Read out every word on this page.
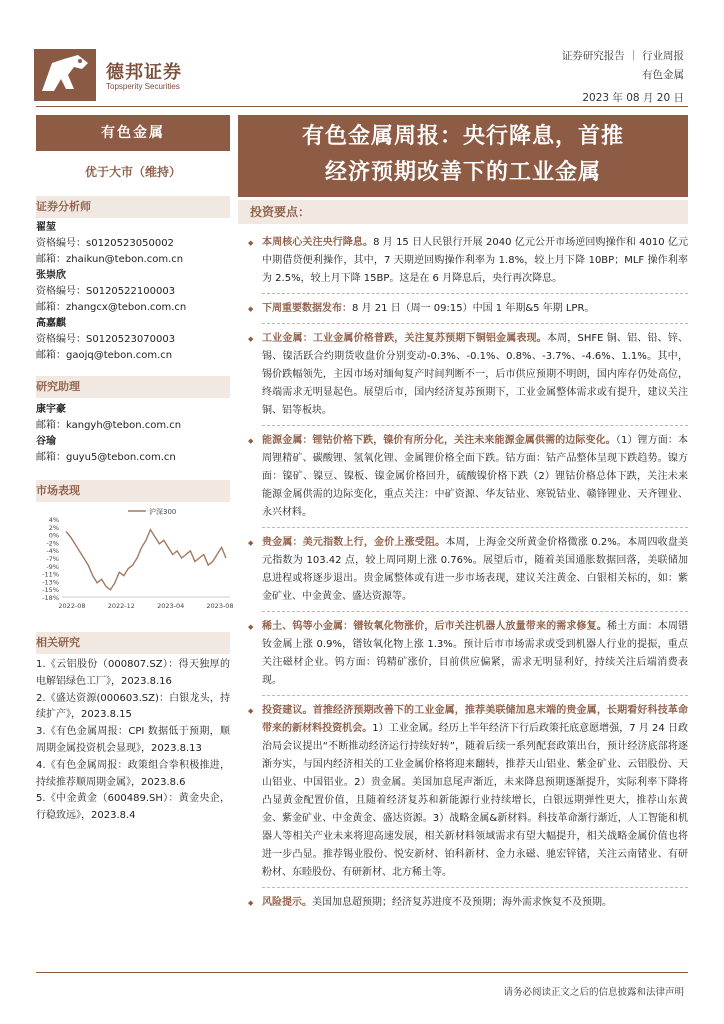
德邦证券
Topsperity Securities
证券研究报告 ｜ 行业周报
有色金属
2023 年 08 月 20 日
有色金属
优于大市（维持）
证券分析师
翟堃
资格编号：s0120523050002
邮箱：zhaikun@tebon.com.cn
张崇欣
资格编号：S0120522100003
邮箱：zhangcx@tebon.com.cn
高嘉麒
资格编号：S0120523070003
邮箱：gaojq@tebon.com.cn
研究助理
康宇豪
邮箱：kangyh@tebon.com.cn
谷瑜
邮箱：guyu5@tebon.com.cn
市场表现
4%
2%
0%
-2%
-4%
-7%
-9%
-11%
-13%
-15%
-18%
2022-08	2022-12	2023-04	2023-08
沪深300
相关研究
1.《云铝股份（000807.SZ）：得天独厚的电解铝绿色工厂》，2023.8.16
2.《盛达资源(000603.SZ)：白银龙头，持续扩产》，2023.8.15
3.《有色金属周报：CPI 数据低于预期，顺周期金属投资机会显现》，2023.8.13
4.《有色金属周报：政策组合拳积极推进，持续推荐顺周期金属》，2023.8.6
5.《中金黄金（600489.SH）：黄金央企，行稳致远》，2023.8.4
有色金属周报：央行降息，首推
经济预期改善下的工业金属
投资要点：
◆ 本周核心关注央行降息。8 月 15 日人民银行开展 2040 亿元公开市场逆回购操作和 4010 亿元中期借贷便利操作，其中，7 天期逆回购操作利率为 1.8%，较上月下降 10BP；MLF 操作利率为 2.5%，较上月下降 15BP。这是在 6 月降息后，央行再次降息。
◆ 下周重要数据发布：8 月 21 日（周一 09:15）中国 1 年期&5 年期 LPR。
◆ 工业金属：工业金属价格普跌，关注复苏预期下铜铝金属表现。本周，SHFE 铜、铝、铅、锌、锡、镍活跃合约期货收盘价分别变动-0.3%、-0.1%、0.8%、-3.7%、-4.6%、1.1%。其中，锡价跌幅领先，主因市场对缅甸复产时间判断不一，后市供应预期不明朗，国内库存仍处高位，终端需求无明显起色。展望后市，国内经济复苏预期下，工业金属整体需求或有提升，建议关注铜、铝等板块。
◆ 能源金属：锂钴价格下跌，镍价有所分化，关注未来能源金属供需的边际变化。（1）锂方面：本周锂精矿、碳酸锂、氢氧化锂、金属锂价格全面下跌。钴方面：钴产品整体呈现下跌趋势。镍方面：镍矿、镍豆、镍板、镍金属价格回升，硫酸镍价格下跌（2）锂钴价格总体下跌，关注未来能源金属供需的边际变化，重点关注：中矿资源、华友钴业、寒锐钴业、赣锋锂业、天齐锂业、永兴材料。
◆ 贵金属：美元指数上行，金价上涨受阻。本周，上海金交所黄金价格微涨 0.2%。本周四收盘美元指数为 103.42 点，较上周同期上涨 0.76%。展望后市，随着美国通胀数据回落，美联储加息进程或将逐步退出。贵金属整体或有进一步市场表现，建议关注黄金、白银相关标的，如：紫金矿业、中金黄金、盛达资源等。
◆ 稀土、钨等小金属：镨钕氧化物涨价，后市关注机器人放量带来的需求修复。稀土方面：本周镨钕金属上涨 0.9%，镨钕氧化物上涨 1.3%。预计后市市场需求或受到机器人行业的提振，重点关注磁材企业。钨方面：钨精矿涨价，目前供应偏紧，需求无明显利好，持续关注后端消费表现。
◆ 投资建议。首推经济预期改善下的工业金属，推荐美联储加息末端的贵金属，长期看好科技革命带来的新材料投资机会。1）工业金属。经历上半年经济下行后政策托底意愿增强，7 月 24 日政治局会议提出“不断推动经济运行持续好转”，随着后续一系列配套政策出台，预计经济底部将逐渐夯实，与国内经济相关的工业金属价格将迎来翻转，推荐天山铝业、紫金矿业、云铝股份、天山铝业、中国铝业。2）贵金属。美国加息尾声渐近，未来降息预期逐渐提升，实际利率下降将凸显黄金配置价值，且随着经济复苏和新能源行业持续增长，白银远期弹性更大，推荐山东黄金、紫金矿业、中金黄金、盛达资源。3）战略金属&新材料。科技革命渐行渐近，人工智能和机器人等相关产业未来将迎高速发展，相关新材料领域需求有望大幅提升，相关战略金属价值也将进一步凸显。推荐锡业股份、悦安新材、铂科新材、金力永磁、驰宏锌锗，关注云南锗业、有研粉材、东睦股份、有研新材、北方稀土等。
◆ 风险提示。美国加息超预期；经济复苏进度不及预期；海外需求恢复不及预期。
请务必阅读正文之后的信息披露和法律声明
